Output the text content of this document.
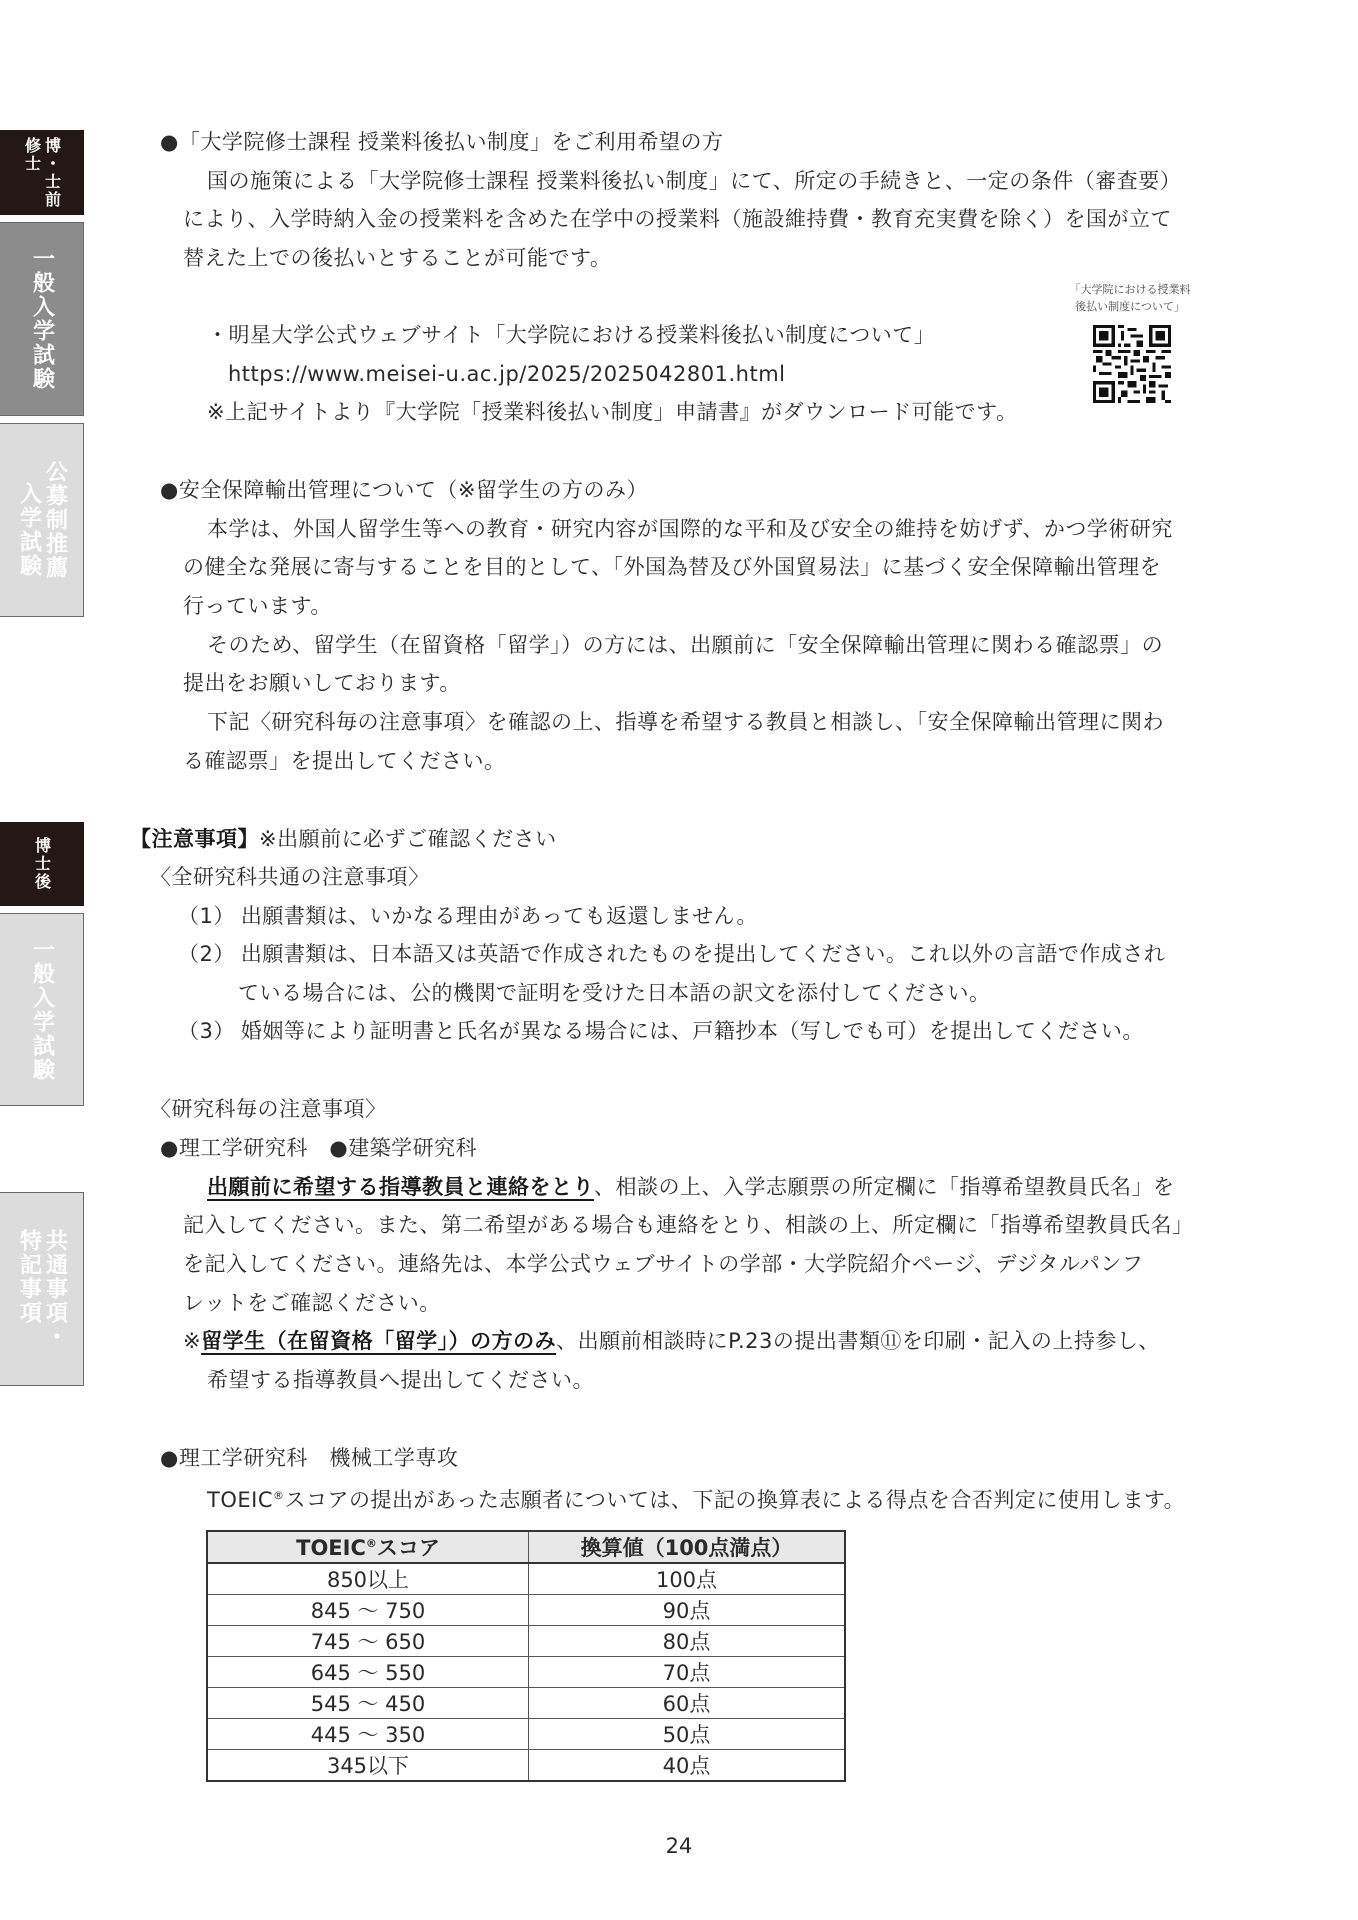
博・士前
修士
一般入学試験
公募制推薦
入学試験
博士後
一般入学試験
共通事項・
特記事項
●「大学院修士課程 授業料後払い制度」をご利用希望の方
国の施策による「大学院修士課程 授業料後払い制度」にて、所定の手続きと、一定の条件（審査要）
により、入学時納入金の授業料を含めた在学中の授業料（施設維持費・教育充実費を除く）を国が立て
替えた上での後払いとすることが可能です。
「大学院における授業料
後払い制度について」
・明星大学公式ウェブサイト「大学院における授業料後払い制度について」
https://www.meisei-u.ac.jp/2025/2025042801.html
※上記サイトより『大学院「授業料後払い制度」申請書』がダウンロード可能です。
●安全保障輸出管理について（※留学生の方のみ）
本学は、外国人留学生等への教育・研究内容が国際的な平和及び安全の維持を妨げず、かつ学術研究
の健全な発展に寄与することを目的として、「外国為替及び外国貿易法」に基づく安全保障輸出管理を
行っています。
そのため、留学生（在留資格「留学」）の方には、出願前に「安全保障輸出管理に関わる確認票」の
提出をお願いしております。
下記〈研究科毎の注意事項〉を確認の上、指導を希望する教員と相談し、「安全保障輸出管理に関わ
る確認票」を提出してください。
【注意事項】※出願前に必ずご確認ください
〈全研究科共通の注意事項〉
（1） 出願書類は、いかなる理由があっても返還しません。
（2） 出願書類は、日本語又は英語で作成されたものを提出してください。これ以外の言語で作成され
ている場合には、公的機関で証明を受けた日本語の訳文を添付してください。
（3） 婚姻等により証明書と氏名が異なる場合には、戸籍抄本（写しでも可）を提出してください。
〈研究科毎の注意事項〉
●理工学研究科　●建築学研究科
出願前に希望する指導教員と連絡をとり、相談の上、入学志願票の所定欄に「指導希望教員氏名」を
記入してください。また、第二希望がある場合も連絡をとり、相談の上、所定欄に「指導希望教員氏名」
を記入してください。連絡先は、本学公式ウェブサイトの学部・大学院紹介ページ、デジタルパンフ
レットをご確認ください。
※留学生（在留資格「留学」）の方のみ、出願前相談時にP.23の提出書類⑪を印刷・記入の上持参し、
希望する指導教員へ提出してください。
●理工学研究科　機械工学専攻
TOEIC®スコアの提出があった志願者については、下記の換算表による得点を合否判定に使用します。
TOEIC®スコア	換算値（100点満点）
850以上	100点
845 〜 750	90点
745 〜 650	80点
645 〜 550	70点
545 〜 450	60点
445 〜 350	50点
345以下	40点
24
